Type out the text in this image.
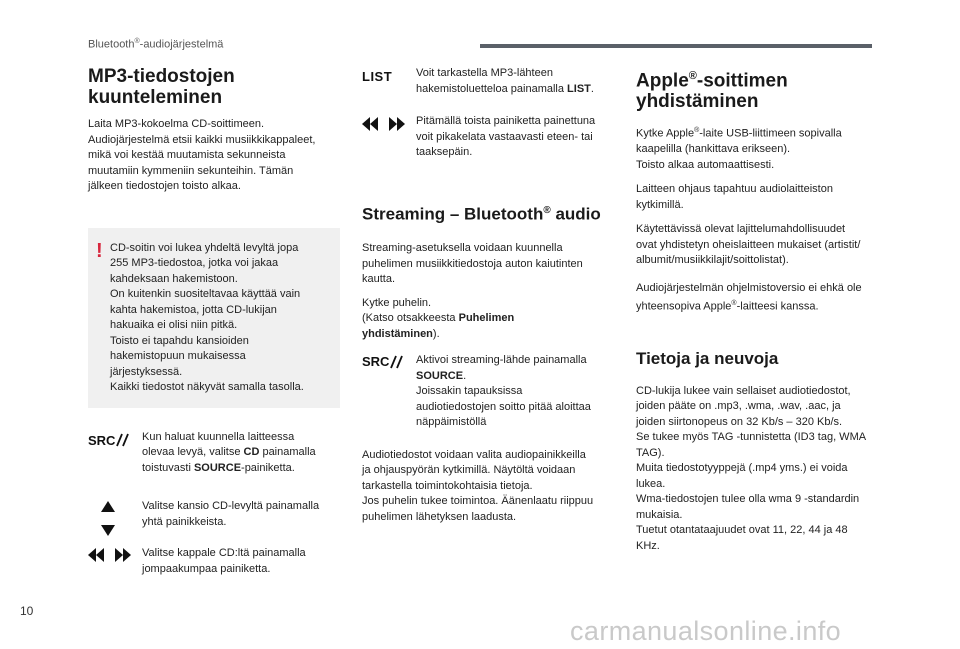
Bluetooth®-audiojärjestelmä
MP3-tiedostojen
kuunteleminen

Laita MP3-kokoelma CD-soittimeen.
Audiojärjestelmä etsii kaikki musiikkikappaleet,
mikä voi kestää muutamista sekunneista
muutamiin kymmeniin sekunteihin. Tämän
jälkeen tiedostojen toisto alkaa.

! CD-soitin voi lukea yhdeltä levyltä jopa
255 MP3-tiedostoa, jotka voi jakaa
kahdeksaan hakemistoon.
On kuitenkin suositeltavaa käyttää vain
kahta hakemistoa, jotta CD-lukijan
hakuaika ei olisi niin pitkä.
Toisto ei tapahdu kansioiden
hakemistopuun mukaisessa
järjestyksessä.
Kaikki tiedostot näkyvät samalla tasolla.

SRC	Kun haluat kuunnella laitteessa
olevaa levyä, valitse CD painamalla
toistuvasti SOURCE-painiketta.

Valitse kansio CD-levyltä painamalla
yhtä painikkeista.

Valitse kappale CD:ltä painamalla
jompaakumpaa painiketta.

LIST Voit tarkastella MP3-lähteen
hakemistoluetteloa painamalla LIST.

Pitämällä toista painiketta painettuna
voit pikakelata vastaavasti eteen- tai
taaksepäin.

Streaming – Bluetooth® audio

Streaming-asetuksella voidaan kuunnella
puhelimen musiikkitiedostoja auton kaiutinten
kautta.

Kytke puhelin.
(Katso otsakkeesta Puhelimen
yhdistäminen).

SRC Aktivoi streaming-lähde painamalla
SOURCE.
Joissakin tapauksissa
audiotiedostojen soitto pitää aloittaa
näppäimistöllä

Audiotiedostot voidaan valita audiopainikkeilla
ja ohjauspyörän kytkimillä. Näytöltä voidaan
tarkastella toimintokohtaisia tietoja.
Jos puhelin tukee toimintoa. Äänenlaatu riippuu
puhelimen lähetyksen laadusta.

Apple®-soittimen
yhdistäminen

Kytke Apple®-laite USB-liittimeen sopivalla
kaapelilla (hankittava erikseen).
Toisto alkaa automaattisesti.

Laitteen ohjaus tapahtuu audiolaitteiston
kytkimillä.

Käytettävissä olevat lajittelumahdollisuudet
ovat yhdistetyn oheislaitteen mukaiset (artistit/
albumit/musiikkilajit/soittolistat).

Audiojärjestelmän ohjelmistoversio ei ehkä ole
yhteensopiva Apple®-laitteesi kanssa.

Tietoja ja neuvoja

CD-lukija lukee vain sellaiset audiotiedostot,
joiden pääte on .mp3, .wma, .wav, .aac, ja
joiden siirtonopeus on 32 Kb/s – 320 Kb/s.
Se tukee myös TAG -tunnistetta (ID3 tag, WMA
TAG).
Muita tiedostotyyppejä (.mp4 yms.) ei voida
lukea.
Wma-tiedostojen tulee olla wma 9 -standardin
mukaisia.
Tuetut otantataajuudet ovat 11, 22, 44 ja 48
KHz.

10
carmanualsonline.info
